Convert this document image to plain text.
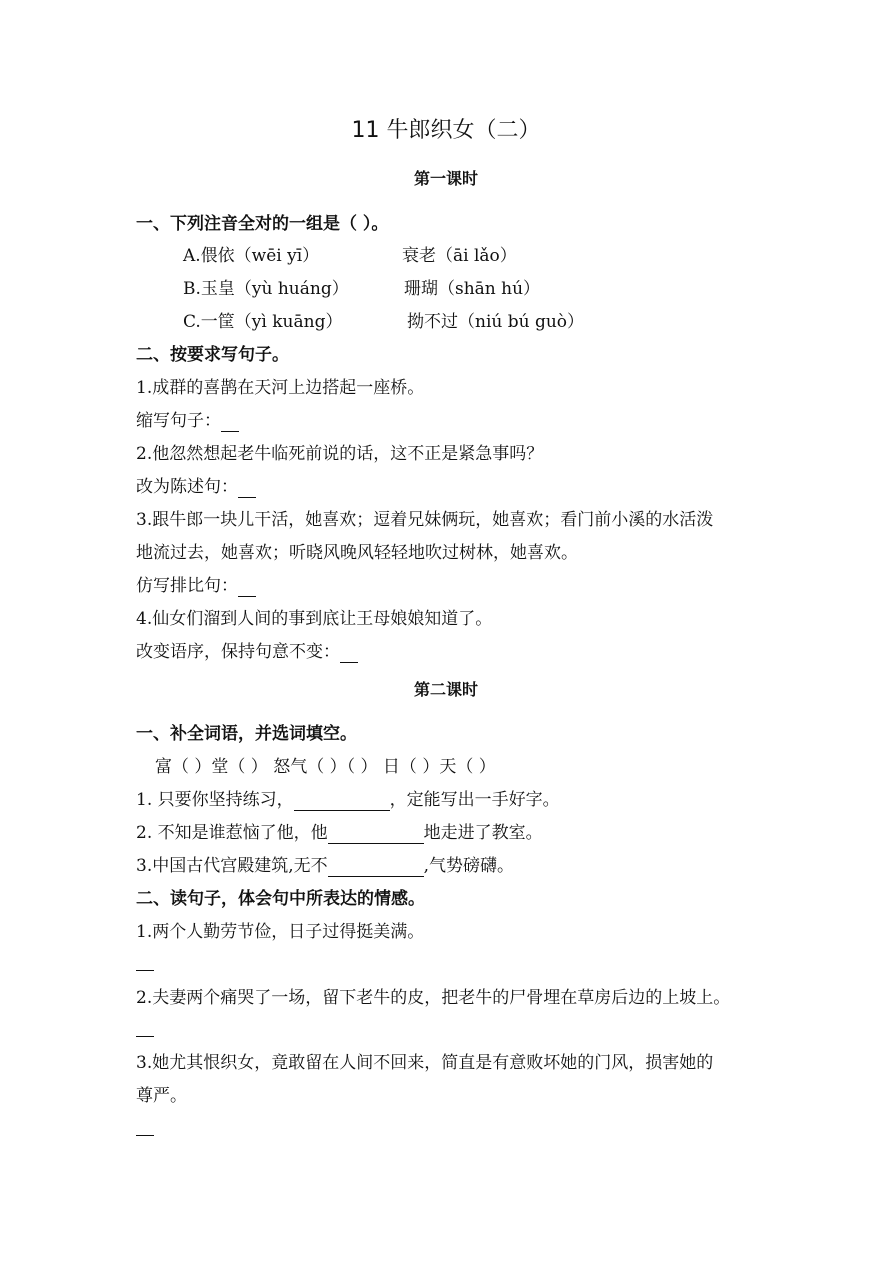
11 牛郎织女（二）
第一课时
一、下列注音全对的一组是（ ）。
A.偎依（wēi yī）	衰老（āi lǎo）
B.玉皇（yù huáng）	珊瑚（shān hú）
C.一筐（yì kuāng）	拗不过（niú bú guò）
二、按要求写句子。
1.成群的喜鹊在天河上边搭起一座桥。
缩写句子：
2.他忽然想起老牛临死前说的话，这不正是紧急事吗？
改为陈述句：
3.跟牛郎一块儿干活，她喜欢；逗着兄妹俩玩，她喜欢；看门前小溪的水活泼
地流过去，她喜欢；听晓风晚风轻轻地吹过树林，她喜欢。
仿写排比句：
4.仙女们溜到人间的事到底让王母娘娘知道了。
改变语序，保持句意不变：
第二课时
一、补全词语，并选词填空。
富（ ）堂（ ） 怒气（ ）（ ） 日（ ）天（ ）
1. 只要你坚持练习，	，定能写出一手好字。
2. 不知是谁惹恼了他，他	地走进了教室。
3.中国古代宫殿建筑,无不	,气势磅礴。
二、读句子，体会句中所表达的情感。
1.两个人勤劳节俭，日子过得挺美满。
2.夫妻两个痛哭了一场，留下老牛的皮，把老牛的尸骨埋在草房后边的上坡上。
3.她尤其恨织女，竟敢留在人间不回来，简直是有意败坏她的门风，损害她的
尊严。
